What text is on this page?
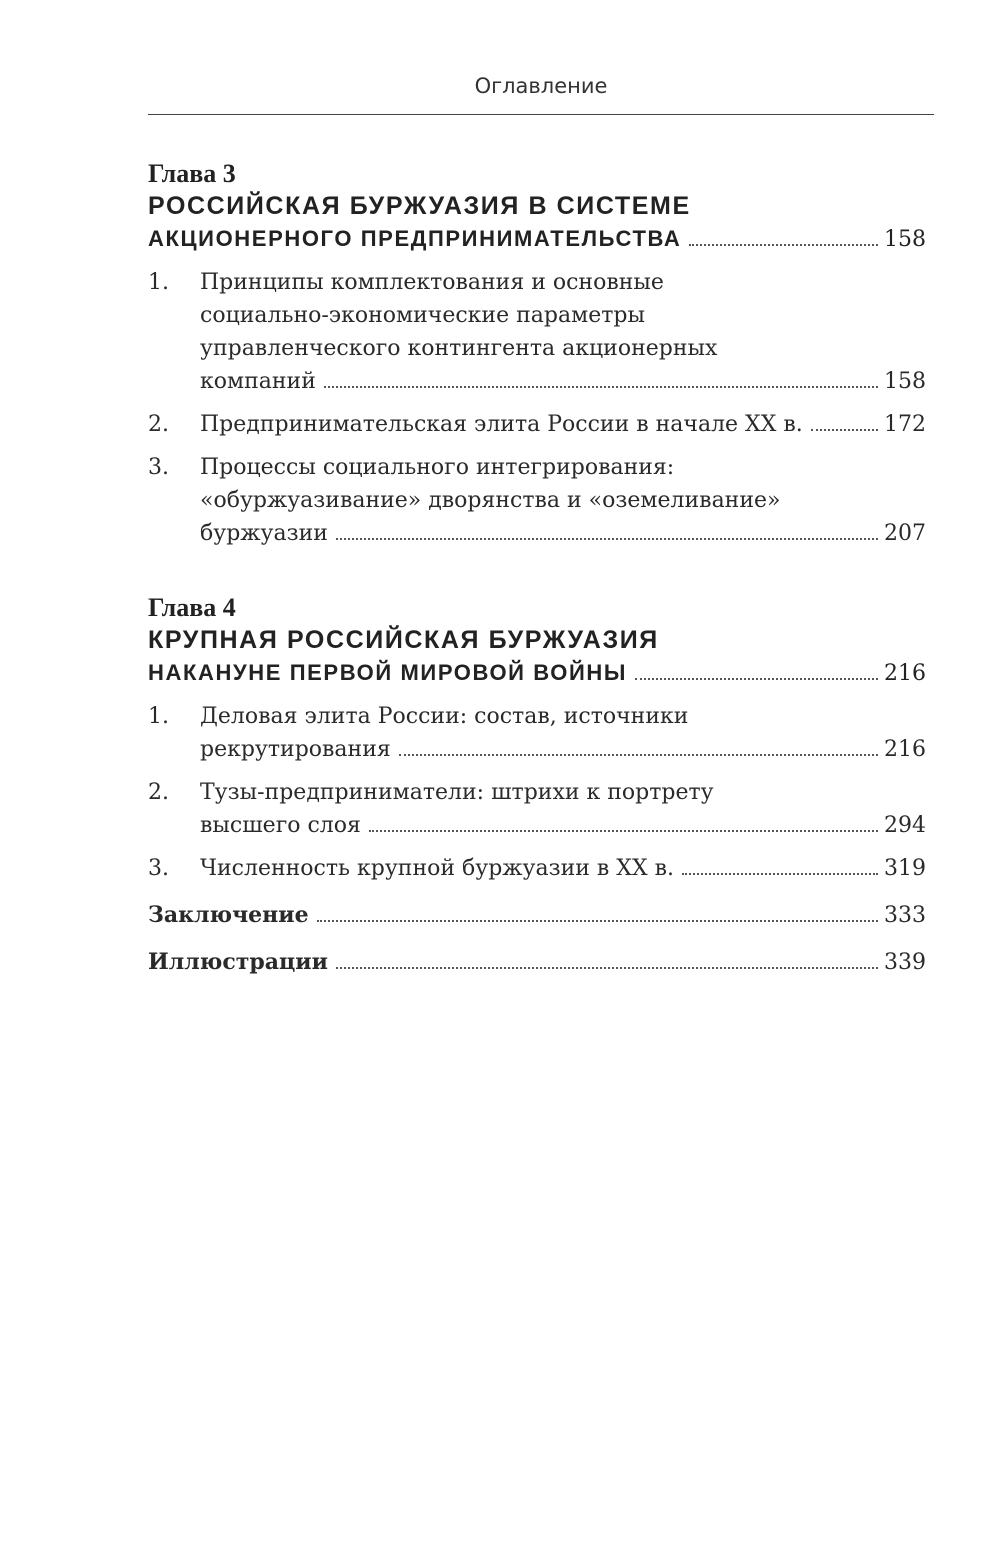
Оглавление
Глава 3
РОССИЙСКАЯ БУРЖУАЗИЯ В СИСТЕМЕ
АКЦИОНЕРНОГО ПРЕДПРИНИМАТЕЛЬСТВА	158
1.	Принципы комплектования и основные
социально-экономические параметры
управленческого контингента акционерных
компаний	158
2.	Предпринимательская элита России в начале XX в.	172
3.	Процессы социального интегрирования:
«обуржуазивание» дворянства и «оземеливание»
буржуазии	207
Глава 4
КРУПНАЯ РОССИЙСКАЯ БУРЖУАЗИЯ
НАКАНУНЕ ПЕРВОЙ МИРОВОЙ ВОЙНЫ	216
1.	Деловая элита России: состав, источники
рекрутирования	216
2.	Тузы-предприниматели: штрихи к портрету
высшего слоя	294
3.	Численность крупной буржуазии в XX в.	319
Заключение	333
Иллюстрации	339
